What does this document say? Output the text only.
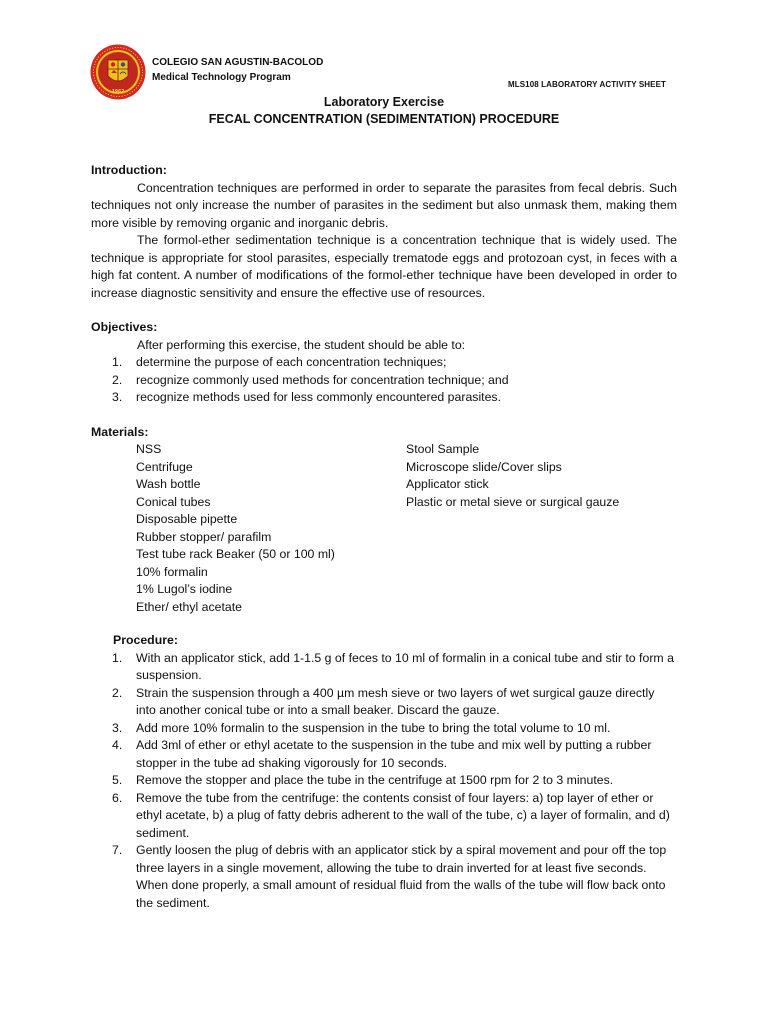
1962
COLEGIO SAN AGUSTIN-BACOLOD
Medical Technology Program
MLS108 LABORATORY ACTIVITY SHEET
Laboratory Exercise
FECAL CONCENTRATION (SEDIMENTATION) PROCEDURE
Introduction:

Concentration techniques are performed in order to separate the parasites from fecal debris. Such techniques not only increase the number of parasites in the sediment but also unmask them, making them more visible by removing organic and inorganic debris.

The formol-ether sedimentation technique is a concentration technique that is widely used. The technique is appropriate for stool parasites, especially trematode eggs and protozoan cyst, in feces with a high fat content. A number of modifications of the formol-ether technique have been developed in order to increase diagnostic sensitivity and ensure the effective use of resources.

Objectives:
After performing this exercise, the student should be able to:
1. determine the purpose of each concentration techniques;
2. recognize commonly used methods for concentration technique; and
3. recognize methods used for less commonly encountered parasites.
Materials:
NSS
Centrifuge
Wash bottle
Conical tubes
Disposable pipette
Rubber stopper/ parafilm
Test tube rack Beaker (50 or 100 ml)
10% formalin
1% Lugol’s iodine
Ether/ ethyl acetate
Stool Sample
Microscope slide/Cover slips
Applicator stick
Plastic or metal sieve or surgical gauze
Procedure:
1. With an applicator stick, add 1-1.5 g of feces to 10 ml of formalin in a conical tube and stir to form a suspension.
2. Strain the suspension through a 400 µm mesh sieve or two layers of wet surgical gauze directly into another conical tube or into a small beaker. Discard the gauze.
3. Add more 10% formalin to the suspension in the tube to bring the total volume to 10 ml.
4. Add 3ml of ether or ethyl acetate to the suspension in the tube and mix well by putting a rubber stopper in the tube ad shaking vigorously for 10 seconds.
5. Remove the stopper and place the tube in the centrifuge at 1500 rpm for 2 to 3 minutes.
6. Remove the tube from the centrifuge: the contents consist of four layers: a) top layer of ether or ethyl acetate, b) a plug of fatty debris adherent to the wall of the tube, c) a layer of formalin, and d) sediment.
7. Gently loosen the plug of debris with an applicator stick by a spiral movement and pour off the top three layers in a single movement, allowing the tube to drain inverted for at least five seconds. When done properly, a small amount of residual fluid from the walls of the tube will flow back onto the sediment.
